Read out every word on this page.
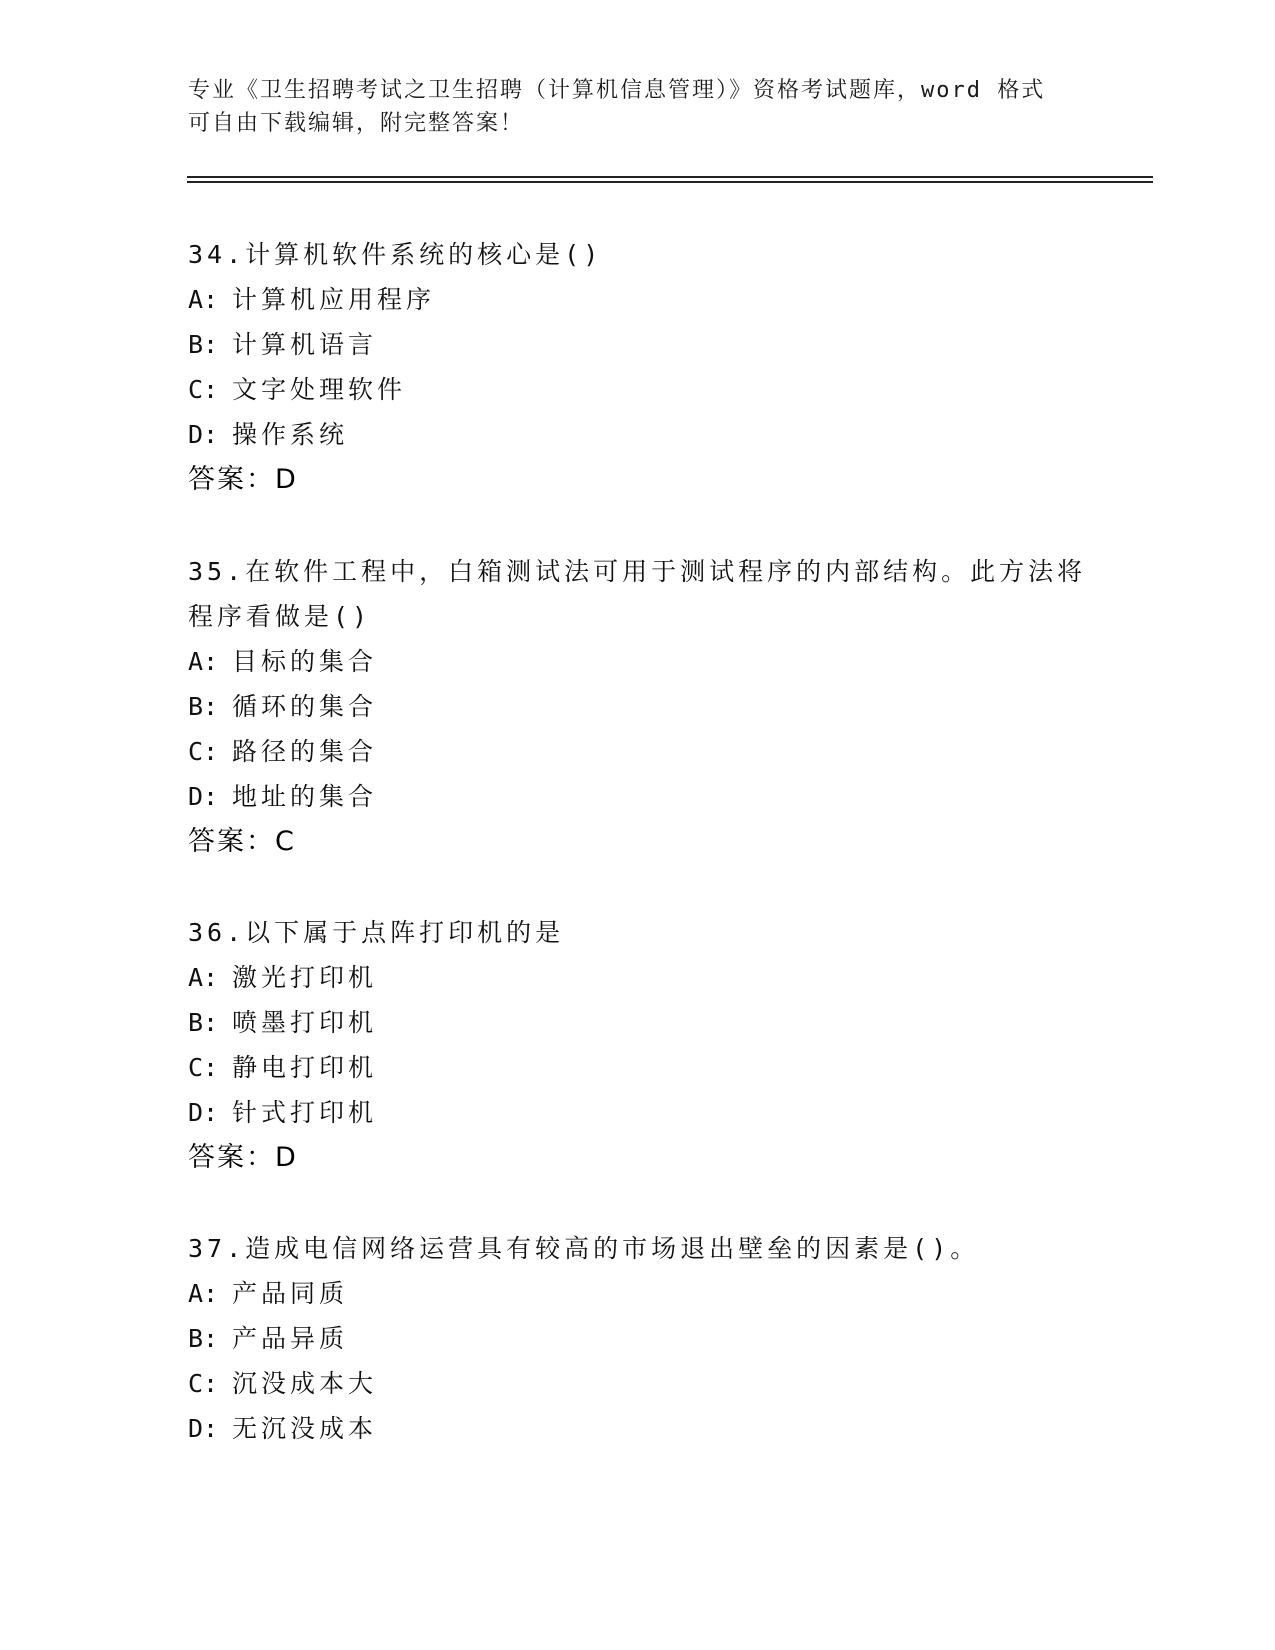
专业《卫生招聘考试之卫生招聘（计算机信息管理）》资格考试题库，word 格式
可自由下载编辑，附完整答案！

34.计算机软件系统的核心是()

A: 计算机应用程序

B: 计算机语言

C: 文字处理软件

D: 操作系统

答案：D

35.在软件工程中，白箱测试法可用于测试程序的内部结构。此方法将程序看做是()

A: 目标的集合

B: 循环的集合

C: 路径的集合

D: 地址的集合

答案：C

36.以下属于点阵打印机的是

A: 激光打印机

B: 喷墨打印机

C: 静电打印机

D: 针式打印机

答案：D

37.造成电信网络运营具有较高的市场退出壁垒的因素是()。

A: 产品同质

B: 产品异质

C: 沉没成本大

D: 无沉没成本
